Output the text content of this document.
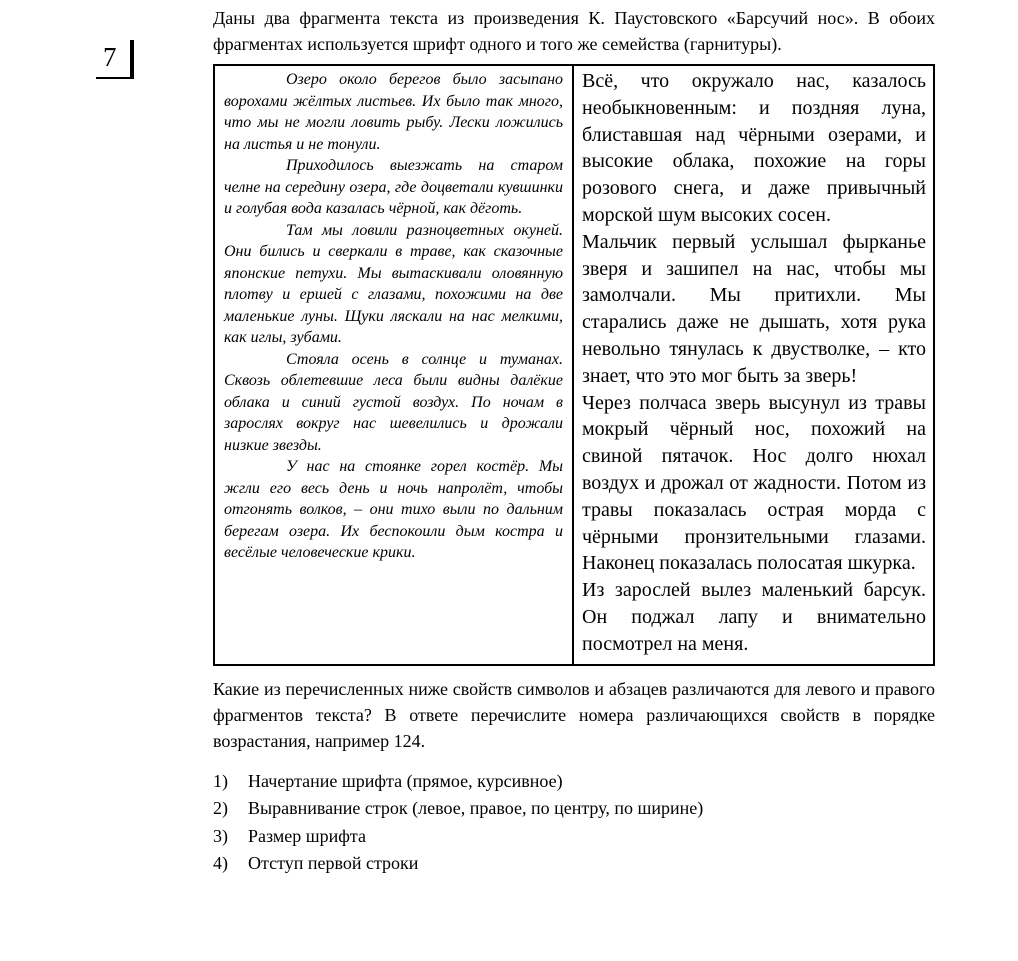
7

Даны два фрагмента текста из произведения К. Паустовского «Барсучий нос». В обоих фрагментах используется шрифт одного и того же семейства (гарнитуры).

Озеро около берегов было засыпано ворохами жёлтых листьев. Их было так много, что мы не могли ловить рыбу. Лески ложились на листья и не тонули.

Приходилось выезжать на старом челне на середину озера, где доцветали кувшинки и голубая вода казалась чёрной, как дёготь.

Там мы ловили разноцветных окуней. Они бились и сверкали в траве, как сказочные японские петухи. Мы вытаскивали оловянную плотву и ершей с глазами, похожими на две маленькие луны. Щуки ляскали на нас мелкими, как иглы, зубами.

Стояла осень в солнце и туманах. Сквозь облетевшие леса были видны далёкие облака и синий густой воздух. По ночам в зарослях вокруг нас шевелились и дрожали низкие звезды.

У нас на стоянке горел костёр. Мы жгли его весь день и ночь напролёт, чтобы отгонять волков, – они тихо выли по дальним берегам озера. Их беспокоили дым костра и весёлые человеческие крики.

Всё, что окружало нас, казалось необыкновенным: и поздняя луна, блиставшая над чёрными озерами, и высокие облака, похожие на горы розового снега, и даже привычный морской шум высоких сосен.

Мальчик первый услышал фырканье зверя и зашипел на нас, чтобы мы замолчали. Мы притихли. Мы старались даже не дышать, хотя рука невольно тянулась к двустволке, – кто знает, что это мог быть за зверь!

Через полчаса зверь высунул из травы мокрый чёрный нос, похожий на свиной пятачок. Нос долго нюхал воздух и дрожал от жадности. Потом из травы показалась острая морда с чёрными пронзительными глазами. Наконец показалась полосатая шкурка.

Из зарослей вылез маленький барсук. Он поджал лапу и внимательно посмотрел на меня.

Какие из перечисленных ниже свойств символов и абзацев различаются для левого и правого фрагментов текста? В ответе перечислите номера различающихся свойств в порядке возрастания, например 124.

1)	Начертание шрифта (прямое, курсивное)
2)	Выравнивание строк (левое, правое, по центру, по ширине)
3)	Размер шрифта
4)	Отступ первой строки
